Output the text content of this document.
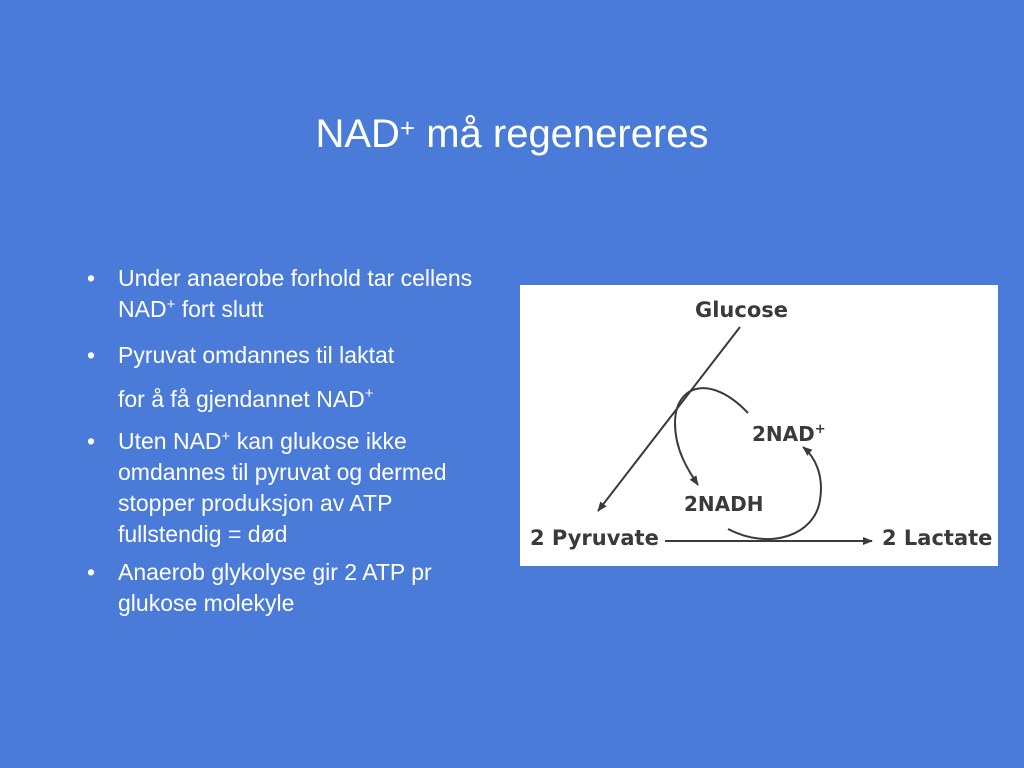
NAD+ må regenereres
• Under anaerobe forhold tar cellens NAD+ fort slutt
• Pyruvat omdannes til laktat
for å få gjendannet NAD+
• Uten NAD+ kan glukose ikke omdannes til pyruvat og dermed stopper produksjon av ATP fullstendig = død
• Anaerob glykolyse gir 2 ATP pr glukose molekyle
Glucose
2NAD+
2NADH
2 Pyruvate	2 Lactate
